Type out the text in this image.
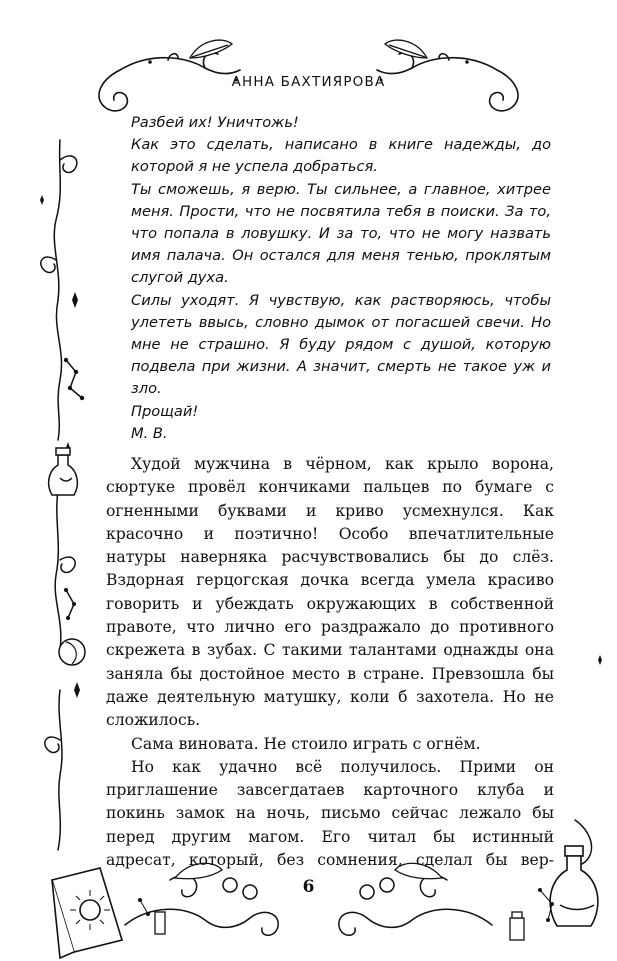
АННА БАХТИЯРОВА

Разбей их! Уничтожь!

Как это сделать, написано в книге надежды, до которой я не успела добраться.

Ты сможешь, я верю. Ты сильнее, а главное, хитрее меня. Прости, что не посвятила тебя в поиски. За то, что попала в ловушку. И за то, что не могу назвать имя палача. Он остался для меня тенью, проклятым слугой духа.

Силы уходят. Я чувствую, как растворяюсь, чтобы улететь ввысь, словно дымок от погасшей свечи. Но мне не страшно. Я буду рядом с душой, которую подвела при жизни. А значит, смерть не такое уж и зло.

Прощай!

М. В.

Худой мужчина в чёрном, как крыло ворона, сюртуке провёл кончиками пальцев по бумаге с огненными буквами и криво усмехнулся. Как красочно и поэтично! Особо впечатлительные натуры наверняка расчувствовались бы до слёз. Вздорная герцогская дочка всегда умела красиво говорить и убеждать окружающих в собственной правоте, что лично его раздражало до противного скрежета в зубах. С такими талантами однажды она заняла бы достойное место в стране. Превзошла бы даже деятельную матушку, коли б захотела. Но не сложилось.

Сама виновата. Не стоило играть с огнём.

Но как удачно всё получилось. Прими он приглашение завсегдатаев карточного клуба и покинь замок на ночь, письмо сейчас лежало бы перед другим магом. Его читал бы истинный адресат, который, без сомнения, сделал бы вер-

6
